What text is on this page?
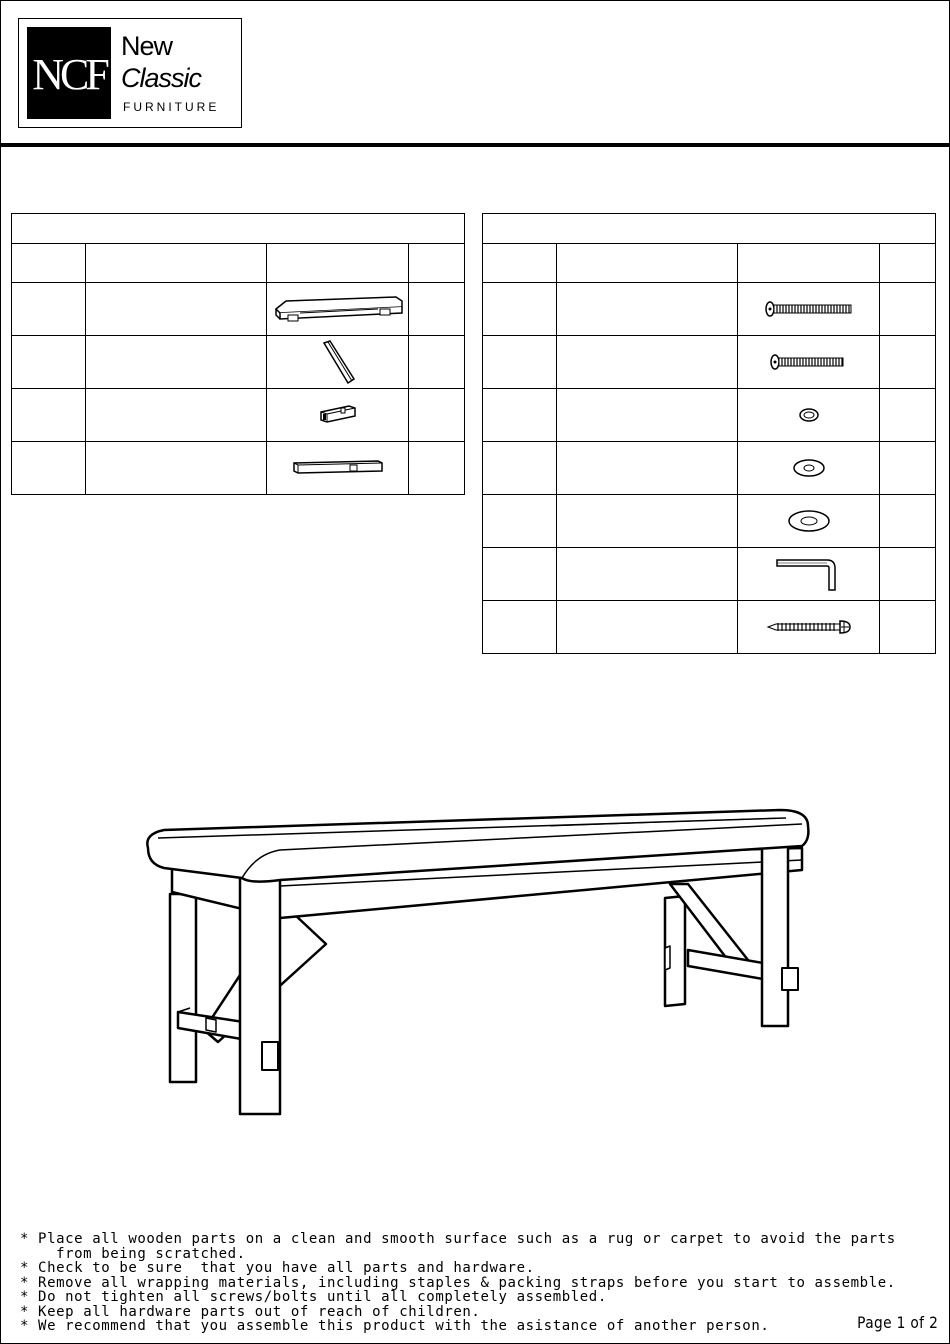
NCF
New
Classic
FURNITURE

* Place all wooden parts on a clean and smooth surface such as a rug or carpet to avoid the parts
from being scratched.
* Check to be sure  that you have all parts and hardware.
* Remove all wrapping materials, including staples & packing straps before you start to assemble.
* Do not tighten all screws/bolts until all completely assembled.
* Keep all hardware parts out of reach of children.
* We recommend that you assemble this product with the asistance of another person.	Page 1 of 2
